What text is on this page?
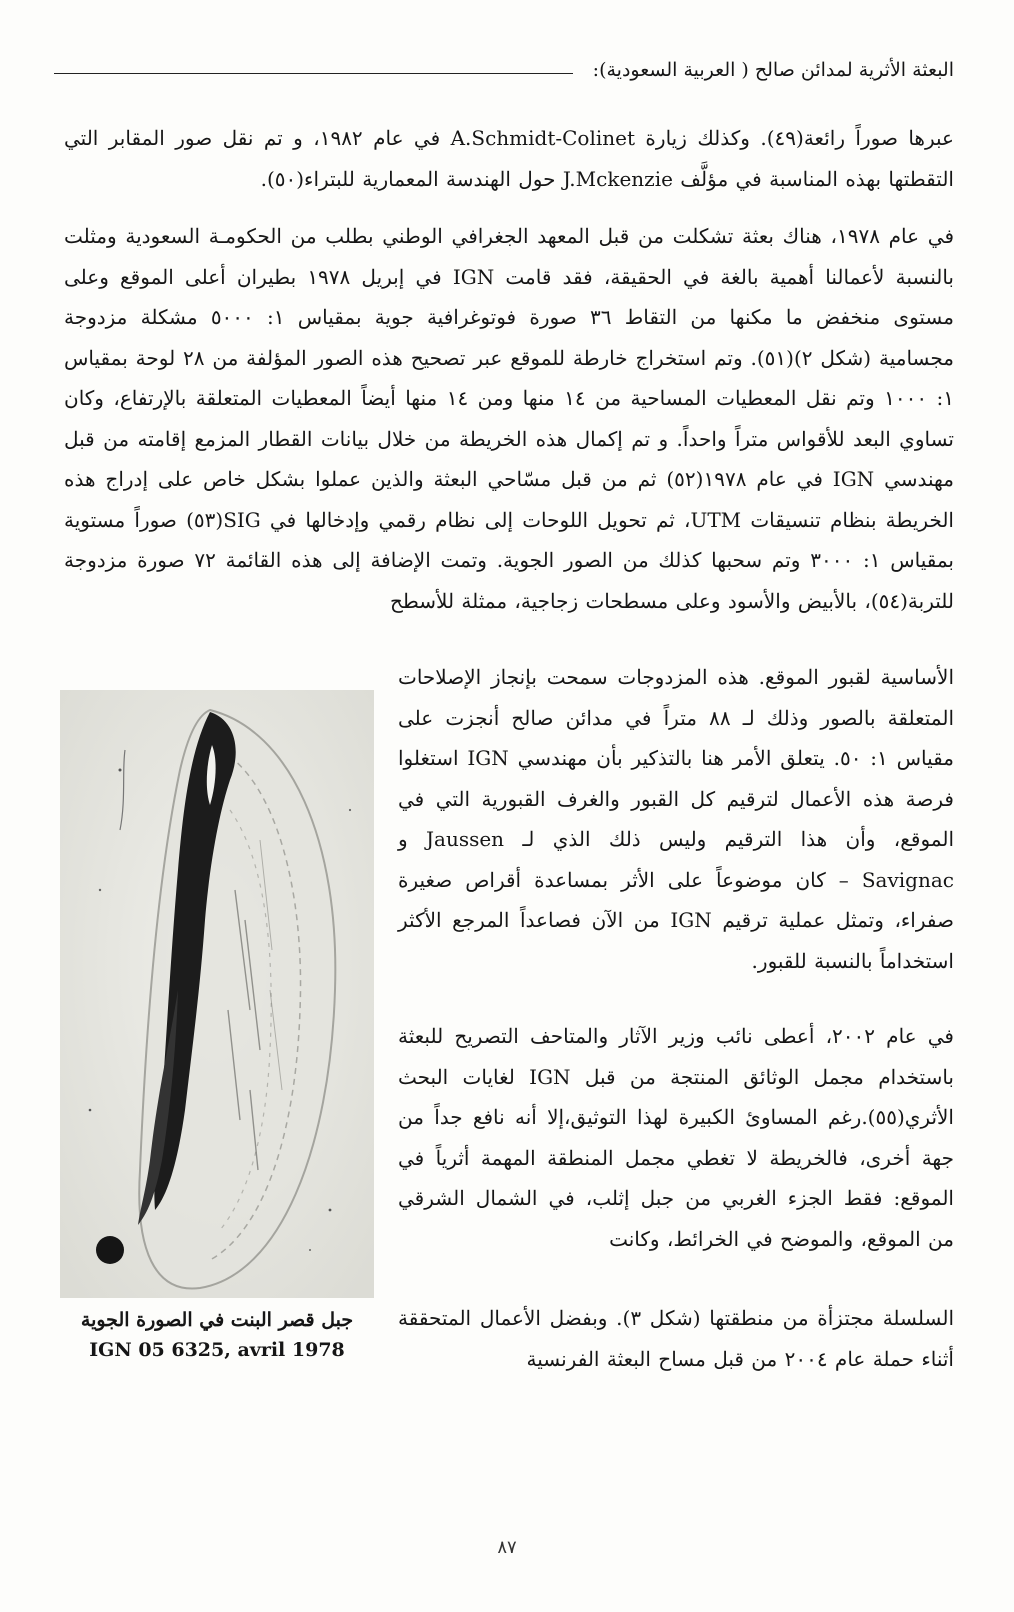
البعثة الأثرية لمدائن صالح ( العربية السعودية):

عبرها صوراً رائعة(٤٩). وكذلك زيارة A.Schmidt-Colinet في عام ١٩٨٢، و تم نقل صور المقابر التي التقطتها بهذه المناسبة في مؤلَّف J.Mckenzie حول الهندسة المعمارية للبتراء(٥٠).

في عام ١٩٧٨، هناك بعثة تشكلت من قبل المعهد الجغرافي الوطني بطلب من الحكومـة السعودية ومثلت بالنسبة لأعمالنا أهمية بالغة في الحقيقة، فقد قامت IGN في إبريل ١٩٧٨ بطيران أعلى الموقع وعلى مستوى منخفض ما مكنها من التقاط ٣٦ صورة فوتوغرافية جوية بمقياس ١: ٥٠٠٠ مشكلة مزدوجة مجسامية (شكل ٢)(٥١). وتم استخراج خارطة للموقع عبر تصحيح هذه الصور المؤلفة من ٢٨ لوحة بمقياس ١: ١٠٠٠ وتم نقل المعطيات المساحية من ١٤ منها ومن ١٤ منها أيضاً المعطيات المتعلقة بالإرتفاع، وكان تساوي البعد للأقواس متراً واحداً. و تم إكمال هذه الخريطة من خلال بيانات القطار المزمع إقامته من قبل مهندسي IGN في عام ١٩٧٨(٥٢) ثم من قبل مسّاحي البعثة والذين عملوا بشكل خاص على إدراج هذه الخريطة بنظام تنسيقات UTM، ثم تحويل اللوحات إلى نظام رقمي وإدخالها في SIG(٥٣) صوراً مستوية بمقياس ١: ٣٠٠٠ وتم سحبها كذلك من الصور الجوية. وتمت الإضافة إلى هذه القائمة ٧٢ صورة مزدوجة للتربة(٥٤)، بالأبيض والأسود وعلى مسطحات زجاجية، ممثلة للأسطح

الأساسية لقبور الموقع. هذه المزدوجات سمحت بإنجاز الإصلاحات المتعلقة بالصور وذلك لـ ٨٨ متراً في مدائن صالح أنجزت على مقياس ١: ٥٠. يتعلق الأمر هنا بالتذكير بأن مهندسي IGN استغلوا فرصة هذه الأعمال لترقيم كل القبور والغرف القبورية التي في الموقع، وأن هذا الترقيم وليس ذلك الذي لـ Jaussen و Savignac – كان موضوعاً على الأثر بمساعدة أقراص صغيرة صفراء، وتمثل عملية ترقيم IGN من الآن فصاعداً المرجع الأكثر استخداماً بالنسبة للقبور.

في عام ٢٠٠٢، أعطى نائب وزير الآثار والمتاحف التصريح للبعثة باستخدام مجمل الوثائق المنتجة من قبل IGN لغايات البحث الأثري(٥٥).رغم المساوئ الكبيرة لهذا التوثيق،إلا أنه نافع جداً من جهة أخرى، فالخريطة لا تغطي مجمل المنطقة المهمة أثرياً في الموقع: فقط الجزء الغربي من جبل إثلب، في الشمال الشرقي من الموقع، والموضح في الخرائط، وكانت

السلسلة مجتزأة من منطقتها (شكل ٣). وبفضل الأعمال المتحققة أثناء حملة عام ٢٠٠٤ من قبل مساح البعثة الفرنسية

جبل قصر البنت في الصورة الجوية
IGN 05 6325, avril 1978
٨٧
